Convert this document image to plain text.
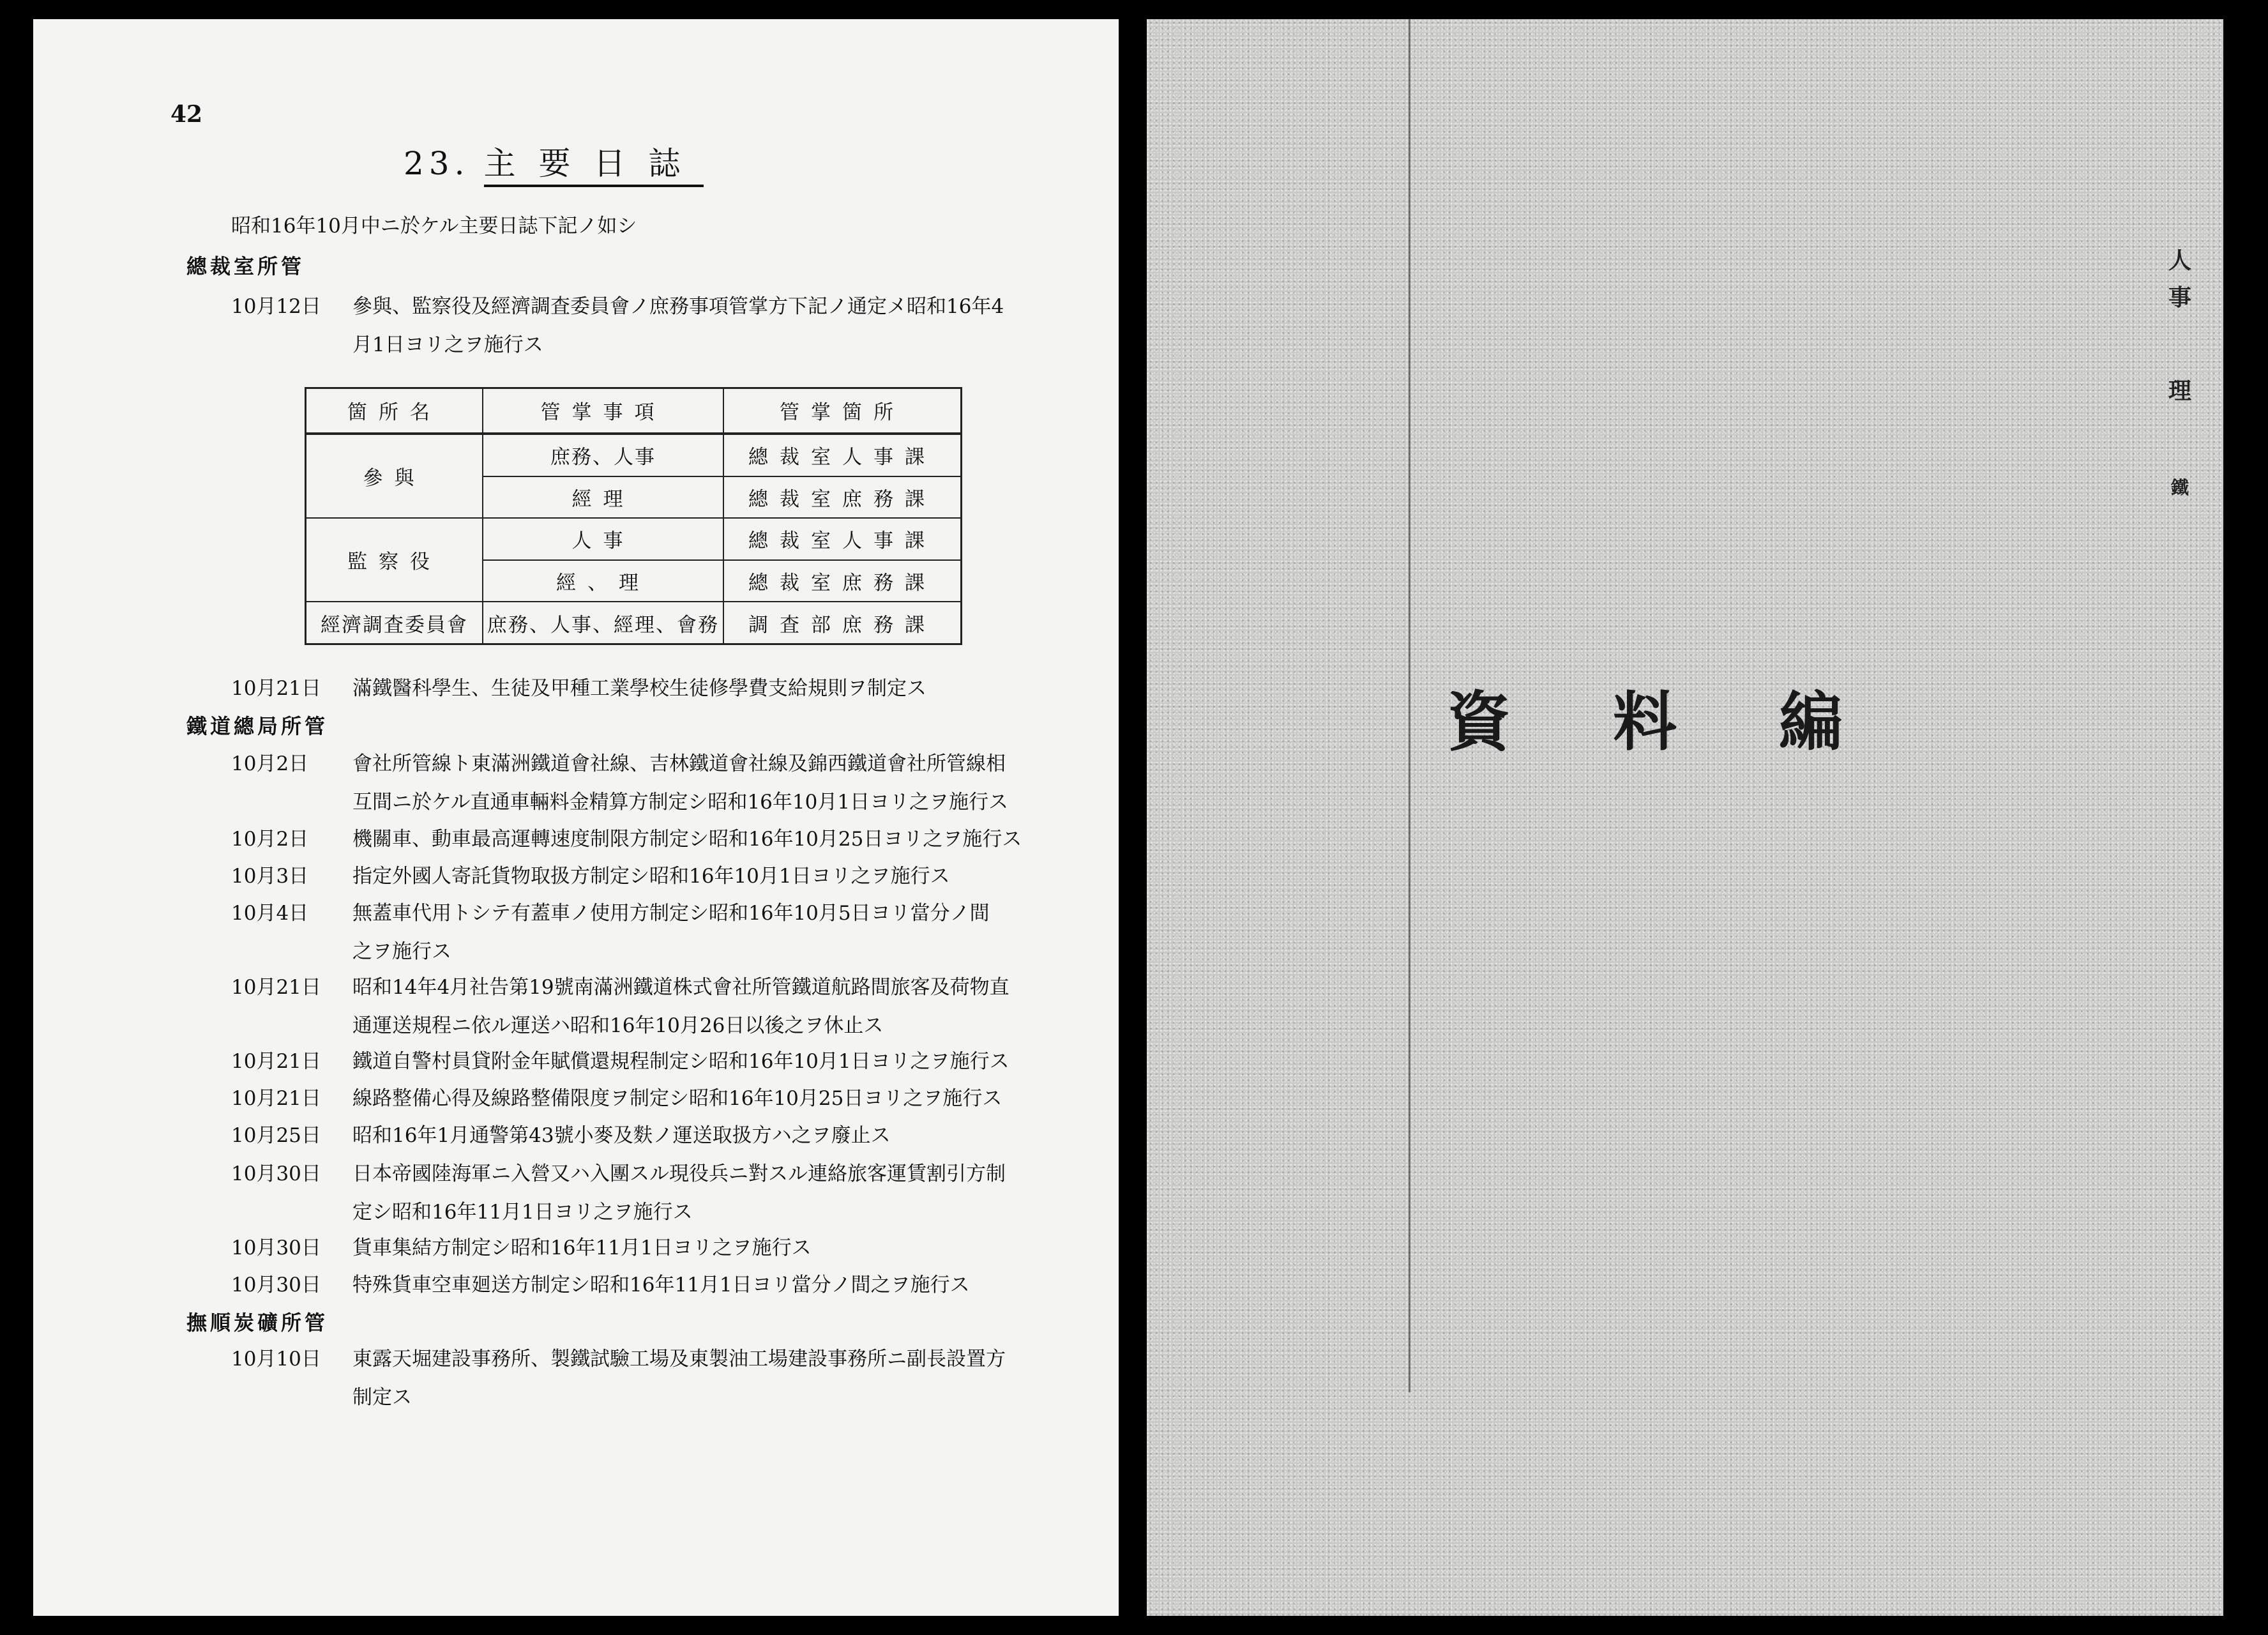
42
23. 主要日誌
昭和16年10月中ニ於ケル主要日誌下記ノ如シ
總裁室所管
10月12日	參與、監察役及經濟調査委員會ノ庶務事項管掌方下記ノ通定メ昭和16年4
月1日ヨリ之ヲ施行ス
箇所名	管掌事項	管掌箇所
參與	庶務、人事	總裁室人事課
	經理	總裁室庶務課
監察役	人事	總裁室人事課
	經、理	總裁室庶務課
經濟調査委員會	庶務、人事、經理、會務	調査部庶務課
10月21日	滿鐵醫科學生、生徒及甲種工業學校生徒修學費支給規則ヲ制定ス
鐵道總局所管
10月2日	會社所管線ト東滿洲鐵道會社線、吉林鐵道會社線及錦西鐵道會社所管線相
互間ニ於ケル直通車輛料金精算方制定シ昭和16年10月1日ヨリ之ヲ施行ス
10月2日	機關車、動車最高運轉速度制限方制定シ昭和16年10月25日ヨリ之ヲ施行ス
10月3日	指定外國人寄託貨物取扱方制定シ昭和16年10月1日ヨリ之ヲ施行ス
10月4日	無蓋車代用トシテ有蓋車ノ使用方制定シ昭和16年10月5日ヨリ當分ノ間
之ヲ施行ス
10月21日	昭和14年4月社告第19號南滿洲鐵道株式會社所管鐵道航路間旅客及荷物直
通運送規程ニ依ル運送ハ昭和16年10月26日以後之ヲ休止ス
10月21日	鐵道自警村員貸附金年賦償還規程制定シ昭和16年10月1日ヨリ之ヲ施行ス
10月21日	線路整備心得及線路整備限度ヲ制定シ昭和16年10月25日ヨリ之ヲ施行ス
10月25日	昭和16年1月通警第43號小麥及麩ノ運送取扱方ハ之ヲ廢止ス
10月30日	日本帝國陸海軍ニ入營又ハ入團スル現役兵ニ對スル連絡旅客運賃割引方制
定シ昭和16年11月1日ヨリ之ヲ施行ス
10月30日	貨車集結方制定シ昭和16年11月1日ヨリ之ヲ施行ス
10月30日	特殊貨車空車廻送方制定シ昭和16年11月1日ヨリ當分ノ間之ヲ施行ス
撫順炭礦所管
10月10日	東露天堀建設事務所、製鐵試驗工場及東製油工場建設事務所ニ副長設置方
制定ス
資料編
人
事
理
鐵
